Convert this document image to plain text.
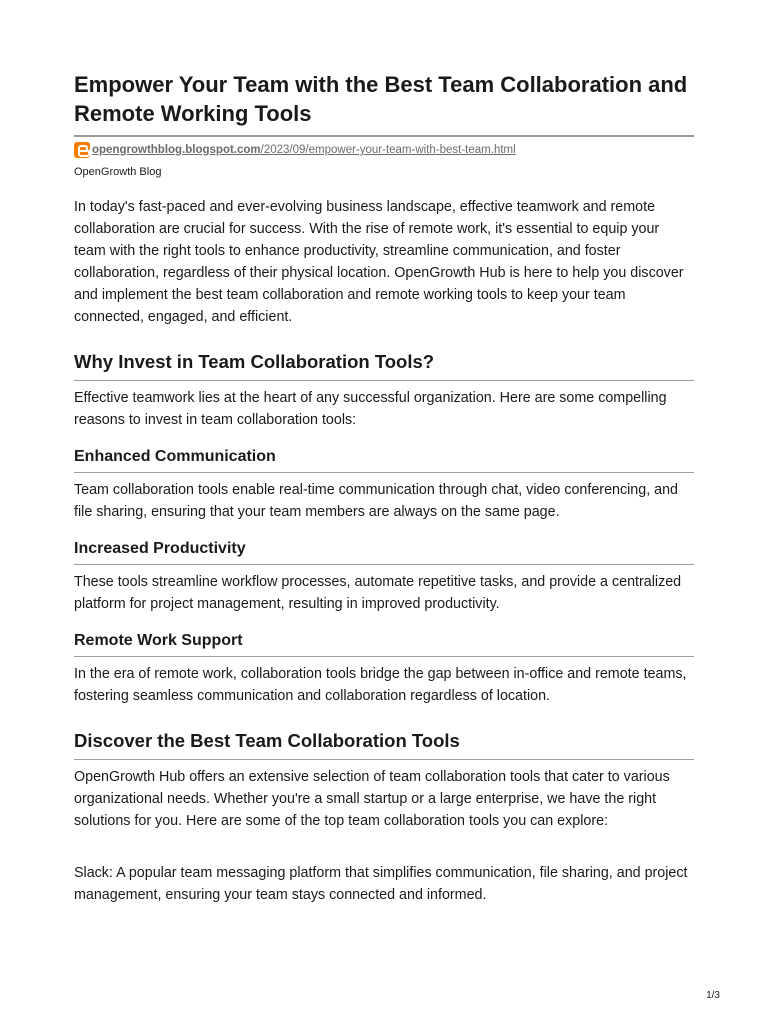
Empower Your Team with the Best Team Collaboration and Remote Working Tools
opengrowthblog.blogspot.com/2023/09/empower-your-team-with-best-team.html
OpenGrowth Blog

In today's fast-paced and ever-evolving business landscape, effective teamwork and remote collaboration are crucial for success. With the rise of remote work, it's essential to equip your team with the right tools to enhance productivity, streamline communication, and foster collaboration, regardless of their physical location. OpenGrowth Hub is here to help you discover and implement the best team collaboration and remote working tools to keep your team connected, engaged, and efficient.

Why Invest in Team Collaboration Tools?

Effective teamwork lies at the heart of any successful organization. Here are some compelling reasons to invest in team collaboration tools:

Enhanced Communication

Team collaboration tools enable real-time communication through chat, video conferencing, and file sharing, ensuring that your team members are always on the same page.

Increased Productivity

These tools streamline workflow processes, automate repetitive tasks, and provide a centralized platform for project management, resulting in improved productivity.

Remote Work Support

In the era of remote work, collaboration tools bridge the gap between in-office and remote teams, fostering seamless communication and collaboration regardless of location.

Discover the Best Team Collaboration Tools

OpenGrowth Hub offers an extensive selection of team collaboration tools that cater to various organizational needs. Whether you're a small startup or a large enterprise, we have the right solutions for you. Here are some of the top team collaboration tools you can explore:

Slack: A popular team messaging platform that simplifies communication, file sharing, and project management, ensuring your team stays connected and informed.

1/3
